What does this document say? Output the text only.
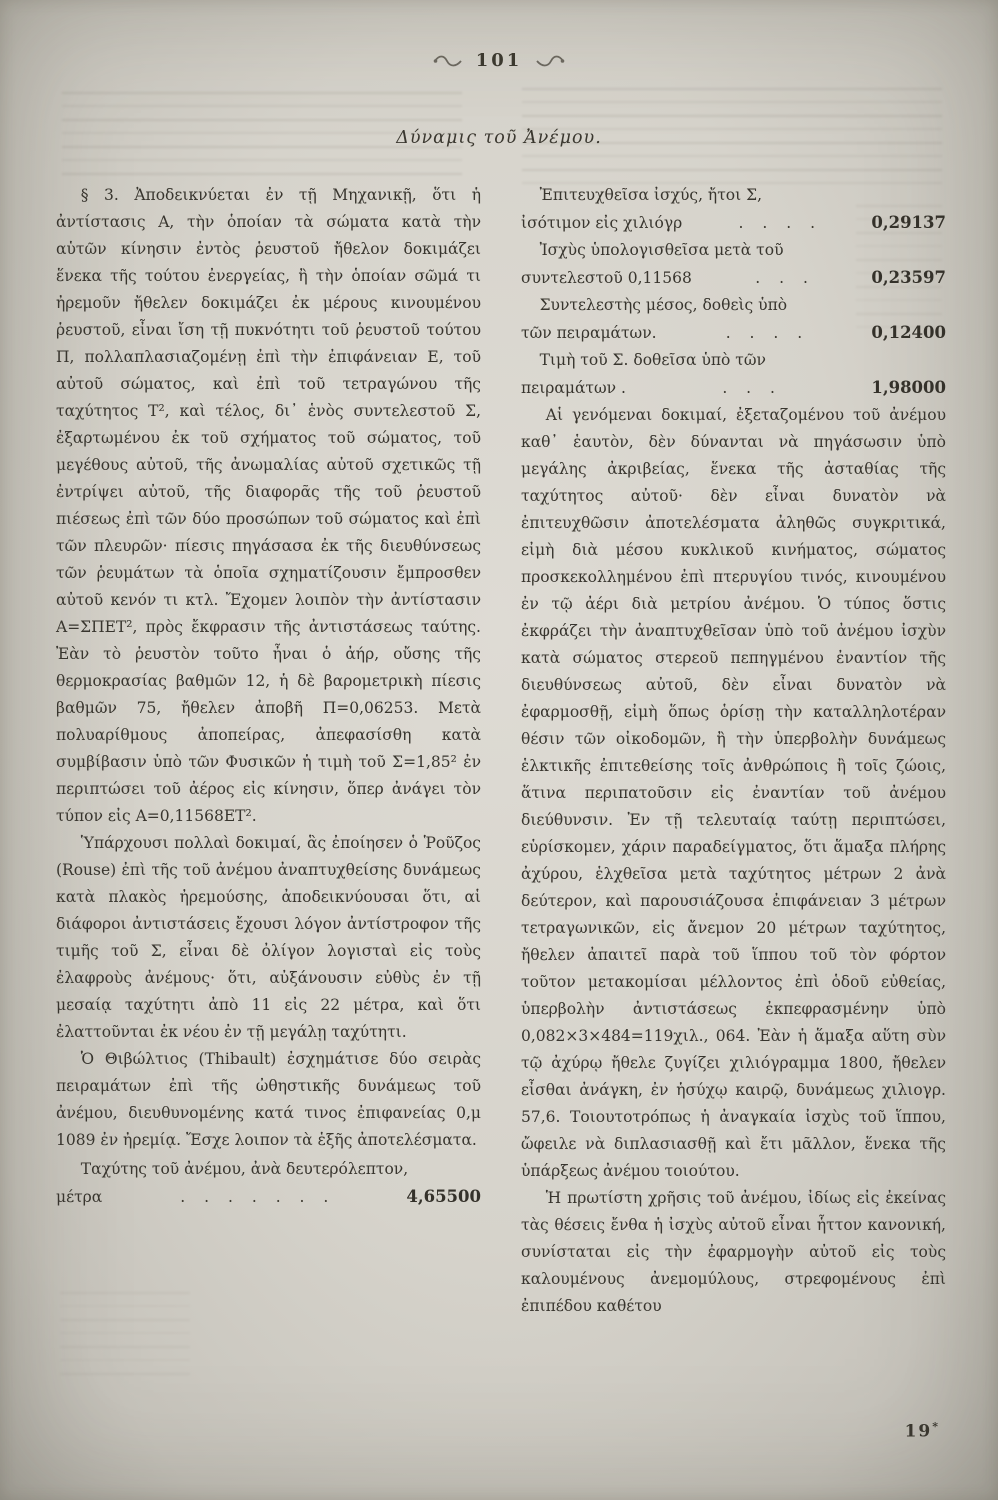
101
Δύναμις τοῦ Ἀνέμου.

§ 3. Ἀποδεικνύεται ἐν τῇ Μηχανικῇ, ὅτι ἡ ἀντίστασις Α, τὴν ὁποίαν τὰ σώματα κατὰ τὴν αὑτῶν κίνησιν ἐντὸς ῥευστοῦ ἤθελον δοκιμάζει ἕνεκα τῆς τούτου ἐνεργείας, ἢ τὴν ὁποίαν σῶμά τι ἠρεμοῦν ἤθελεν δοκιμάζει ἐκ μέρους κινουμένου ῥευστοῦ, εἶναι ἴση τῇ πυκνότητι τοῦ ῥευστοῦ τούτου Π, πολλαπλασιαζομένῃ ἐπὶ τὴν ἐπιφάνειαν Ε, τοῦ αὐτοῦ σώματος, καὶ ἐπὶ τοῦ τετραγώνου τῆς ταχύτητος Τ², καὶ τέλος, δι᾽ ἑνὸς συντελεστοῦ Σ, ἐξαρτωμένου ἐκ τοῦ σχήματος τοῦ σώματος, τοῦ μεγέθους αὐτοῦ, τῆς ἀνωμαλίας αὐτοῦ σχετικῶς τῇ ἐντρίψει αὐτοῦ, τῆς διαφορᾶς τῆς τοῦ ῥευστοῦ πιέσεως ἐπὶ τῶν δύο προσώπων τοῦ σώματος καὶ ἐπὶ τῶν πλευρῶν· πίεσις πηγάσασα ἐκ τῆς διευθύνσεως τῶν ῥευμάτων τὰ ὁποῖα σχηματίζουσιν ἔμπροσθεν αὐτοῦ κενόν τι κτλ. Ἔχομεν λοιπὸν τὴν ἀντίστασιν Α=ΣΠΕΤ², πρὸς ἔκφρασιν τῆς ἀντιστάσεως ταύτης. Ἐὰν τὸ ῥευστὸν τοῦτο ἦναι ὁ ἀήρ, οὔσης τῆς θερμοκρασίας βαθμῶν 12, ἡ δὲ βαρομετρικὴ πίεσις βαθμῶν 75, ἤθελεν ἀποβῆ Π=0,06253. Μετὰ πολυαρίθμους ἀποπείρας, ἀπεφασίσθη κατὰ συμβίβασιν ὑπὸ τῶν Φυσικῶν ἡ τιμὴ τοῦ Σ=1,85² ἐν περιπτώσει τοῦ ἀέρος εἰς κίνησιν, ὅπερ ἀνάγει τὸν τύπον εἰς Α=0,11568ΕΤ².

Ὑπάρχουσι πολλαὶ δοκιμαί, ἃς ἐποίησεν ὁ Ῥοῦζος (Rouse) ἐπὶ τῆς τοῦ ἀνέμου ἀναπτυχθείσης δυνάμεως κατὰ πλακὸς ἠρεμούσης, ἀποδεικνύουσαι ὅτι, αἱ διάφοροι ἀντιστάσεις ἔχουσι λόγον ἀντίστροφον τῆς τιμῆς τοῦ Σ, εἶναι δὲ ὀλίγον λογισταὶ εἰς τοὺς ἐλαφροὺς ἀνέμους· ὅτι, αὐξάνουσιν εὐθὺς ἐν τῇ μεσαίᾳ ταχύτητι ἀπὸ 11 εἰς 22 μέτρα, καὶ ὅτι ἐλαττοῦνται ἐκ νέου ἐν τῇ μεγάλῃ ταχύτητι.

Ὁ Θιβώλτιος (Thibault) ἐσχημάτισε δύο σειρὰς πειραμάτων ἐπὶ τῆς ὠθηστικῆς δυνάμεως τοῦ ἀνέμου, διευθυνομένης κατά τινος ἐπιφανείας 0,μ 1089 ἐν ἠρεμίᾳ. Ἔσχε λοιπον τὰ ἑξῆς ἀποτελέσματα.

Ταχύτης τοῦ ἀνέμου, ἀνὰ δευτερόλεπτον,
μέτρα	. . . . . . .	4,65500
Ἐπιτευχθεῖσα ἰσχύς, ἤτοι Σ,
ἰσότιμον εἰς χιλιόγρ	. . . .	0,29137
Ἰσχὺς ὑπολογισθεῖσα μετὰ τοῦ
συντελεστοῦ 0,11568	. . .	0,23597
Συντελεστὴς μέσος, δοθεὶς ὑπὸ
τῶν πειραμάτων.	. . . .	0,12400
Τιμὴ τοῦ Σ. δοθεῖσα ὑπὸ τῶν
πειραμάτων .	. . .	1,98000

Αἱ γενόμεναι δοκιμαί, ἐξεταζομένου τοῦ ἀνέμου καθ᾽ ἑαυτὸν, δὲν δύνανται νὰ πηγάσωσιν ὑπὸ μεγάλης ἀκριβείας, ἕνεκα τῆς ἀσταθίας τῆς ταχύτητος αὐτοῦ· δὲν εἶναι δυνατὸν νὰ ἐπιτευχθῶσιν ἀποτελέσματα ἀληθῶς συγκριτικά, εἰμὴ διὰ μέσου κυκλικοῦ κινήματος, σώματος προσκεκολλημένου ἐπὶ πτερυγίου τινός, κινουμένου ἐν τῷ ἀέρι διὰ μετρίου ἀνέμου. Ὁ τύπος ὅστις ἐκφράζει τὴν ἀναπτυχθεῖσαν ὑπὸ τοῦ ἀνέμου ἰσχὺν κατὰ σώματος στερεοῦ πεπηγμένου ἐναντίον τῆς διευθύνσεως αὐτοῦ, δὲν εἶναι δυνατὸν νὰ ἐφαρμοσθῇ, εἰμὴ ὅπως ὁρίσῃ τὴν καταλληλοτέραν θέσιν τῶν οἰκοδομῶν, ἢ τὴν ὑπερβολὴν δυνάμεως ἑλκτικῆς ἐπιτεθείσης τοῖς ἀνθρώποις ἢ τοῖς ζώοις, ἅτινα περιπατοῦσιν εἰς ἐναντίαν τοῦ ἀνέμου διεύθυνσιν. Ἐν τῇ τελευταίᾳ ταύτῃ περιπτώσει, εὑρίσκομεν, χάριν παραδείγματος, ὅτι ἅμαξα πλήρης ἀχύρου, ἑλχθεῖσα μετὰ ταχύτητος μέτρων 2 ἀνὰ δεύτερον, καὶ παρουσιάζουσα ἐπιφάνειαν 3 μέτρων τετραγωνικῶν, εἰς ἄνεμον 20 μέτρων ταχύτητος, ἤθελεν ἀπαιτεῖ παρὰ τοῦ ἵππου τοῦ τὸν φόρτον τοῦτον μετακομίσαι μέλλοντος ἐπὶ ὁδοῦ εὐθείας, ὑπερβολὴν ἀντιστάσεως ἐκπεφρασμένην ὑπὸ 0,082×3×484=119χιλ., 064. Ἐὰν ἡ ἅμαξα αὕτη σὺν τῷ ἀχύρῳ ἤθελε ζυγίζει χιλιόγραμμα 1800, ἤθελεν εἶσθαι ἀνάγκη, ἐν ἡσύχῳ καιρῷ, δυνάμεως χιλιογρ. 57,6. Τοιουτοτρόπως ἡ ἀναγκαία ἰσχὺς τοῦ ἵππου, ὤφειλε νὰ διπλασιασθῇ καὶ ἔτι μᾶλλον, ἕνεκα τῆς ὑπάρξεως ἀνέμου τοιούτου.

Ἡ πρωτίστη χρῆσις τοῦ ἀνέμου, ἰδίως εἰς ἐκείνας τὰς θέσεις ἔνθα ἡ ἰσχὺς αὐτοῦ εἶναι ἧττον κανονική, συνίσταται εἰς τὴν ἐφαρμογὴν αὐτοῦ εἰς τοὺς καλουμένους ἀνεμομύλους, στρεφομένους ἐπὶ ἐπιπέδου καθέτου

19*
